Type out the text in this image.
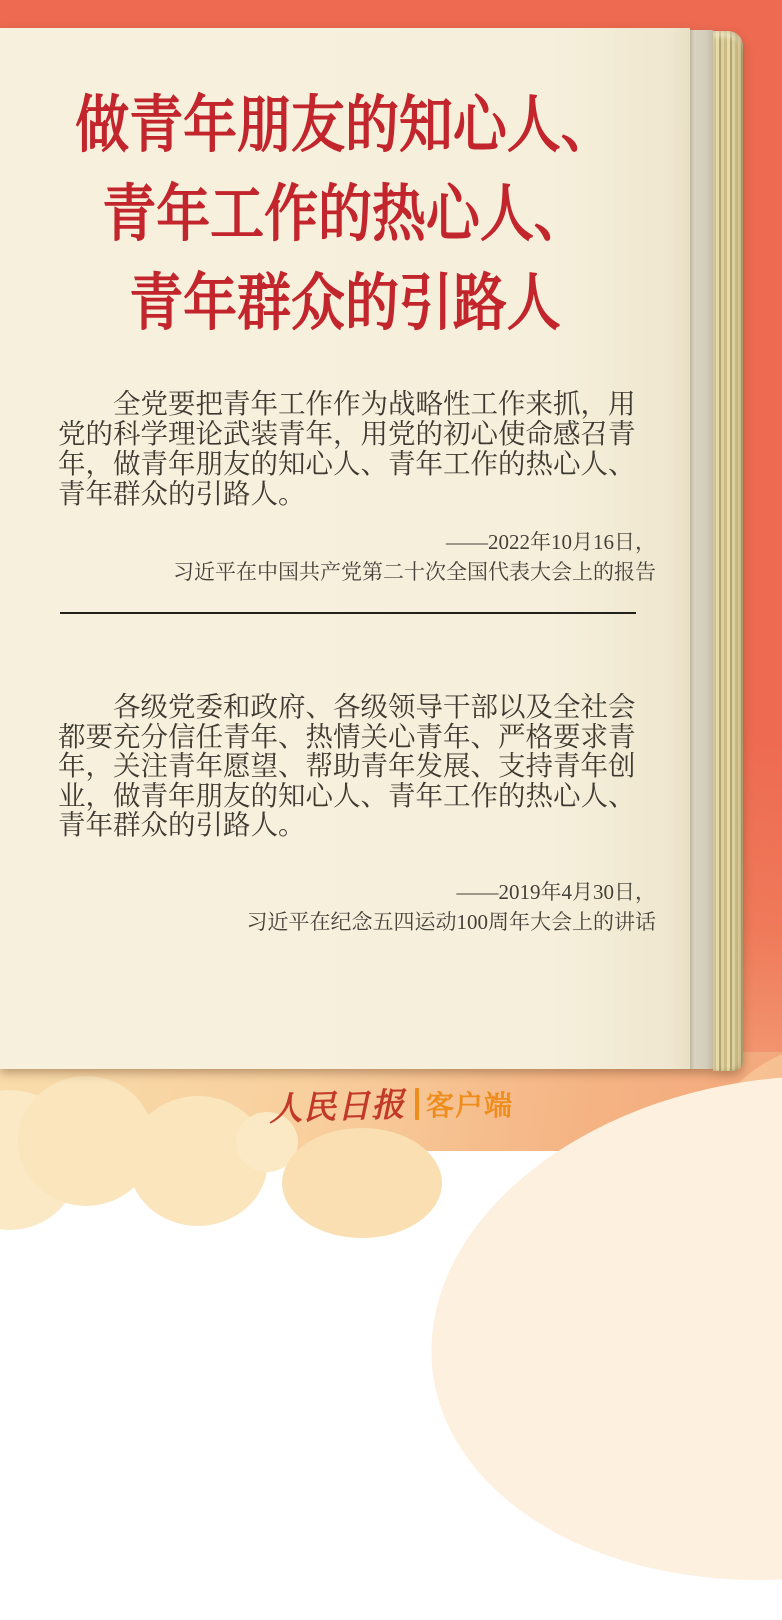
做青年朋友的知心人、
青年工作的热心人、
青年群众的引路人
全党要把青年工作作为战略性工作来抓，用
党的科学理论武装青年，用党的初心使命感召青
年，做青年朋友的知心人、青年工作的热心人、
青年群众的引路人。
——2022年10月16日，
习近平在中国共产党第二十次全国代表大会上的报告
各级党委和政府、各级领导干部以及全社会
都要充分信任青年、热情关心青年、严格要求青
年，关注青年愿望、帮助青年发展、支持青年创
业，做青年朋友的知心人、青年工作的热心人、
青年群众的引路人。
——2019年4月30日，
习近平在纪念五四运动100周年大会上的讲话
人民日报 客户端
